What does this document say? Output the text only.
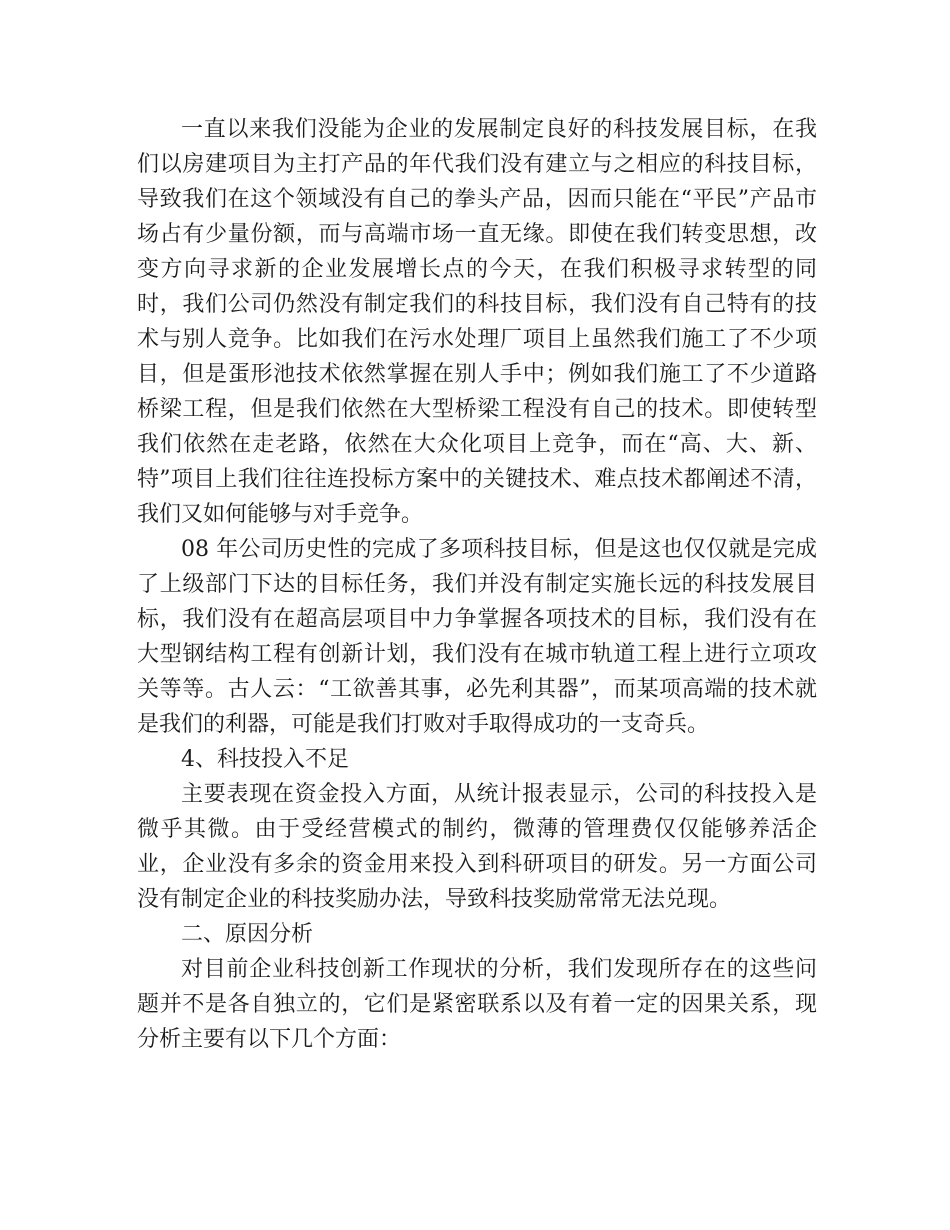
一直以来我们没能为企业的发展制定良好的科技发展目标，在我们以房建项目为主打产品的年代我们没有建立与之相应的科技目标，导致我们在这个领域没有自己的拳头产品，因而只能在“平民”产品市场占有少量份额，而与高端市场一直无缘。即使在我们转变思想，改变方向寻求新的企业发展增长点的今天，在我们积极寻求转型的同时，我们公司仍然没有制定我们的科技目标，我们没有自己特有的技术与别人竞争。比如我们在污水处理厂项目上虽然我们施工了不少项目，但是蛋形池技术依然掌握在别人手中；例如我们施工了不少道路桥梁工程，但是我们依然在大型桥梁工程没有自己的技术。即使转型我们依然在走老路，依然在大众化项目上竞争，而在“高、大、新、特”项目上我们往往连投标方案中的关键技术、难点技术都阐述不清，我们又如何能够与对手竞争。

08 年公司历史性的完成了多项科技目标，但是这也仅仅就是完成了上级部门下达的目标任务，我们并没有制定实施长远的科技发展目标，我们没有在超高层项目中力争掌握各项技术的目标，我们没有在大型钢结构工程有创新计划，我们没有在城市轨道工程上进行立项攻关等等。古人云：“工欲善其事，必先利其器”，而某项高端的技术就是我们的利器，可能是我们打败对手取得成功的一支奇兵。

4、科技投入不足

主要表现在资金投入方面，从统计报表显示，公司的科技投入是微乎其微。由于受经营模式的制约，微薄的管理费仅仅能够养活企业，企业没有多余的资金用来投入到科研项目的研发。另一方面公司没有制定企业的科技奖励办法，导致科技奖励常常无法兑现。

二、原因分析

对目前企业科技创新工作现状的分析，我们发现所存在的这些问题并不是各自独立的，它们是紧密联系以及有着一定的因果关系，现分析主要有以下几个方面：
